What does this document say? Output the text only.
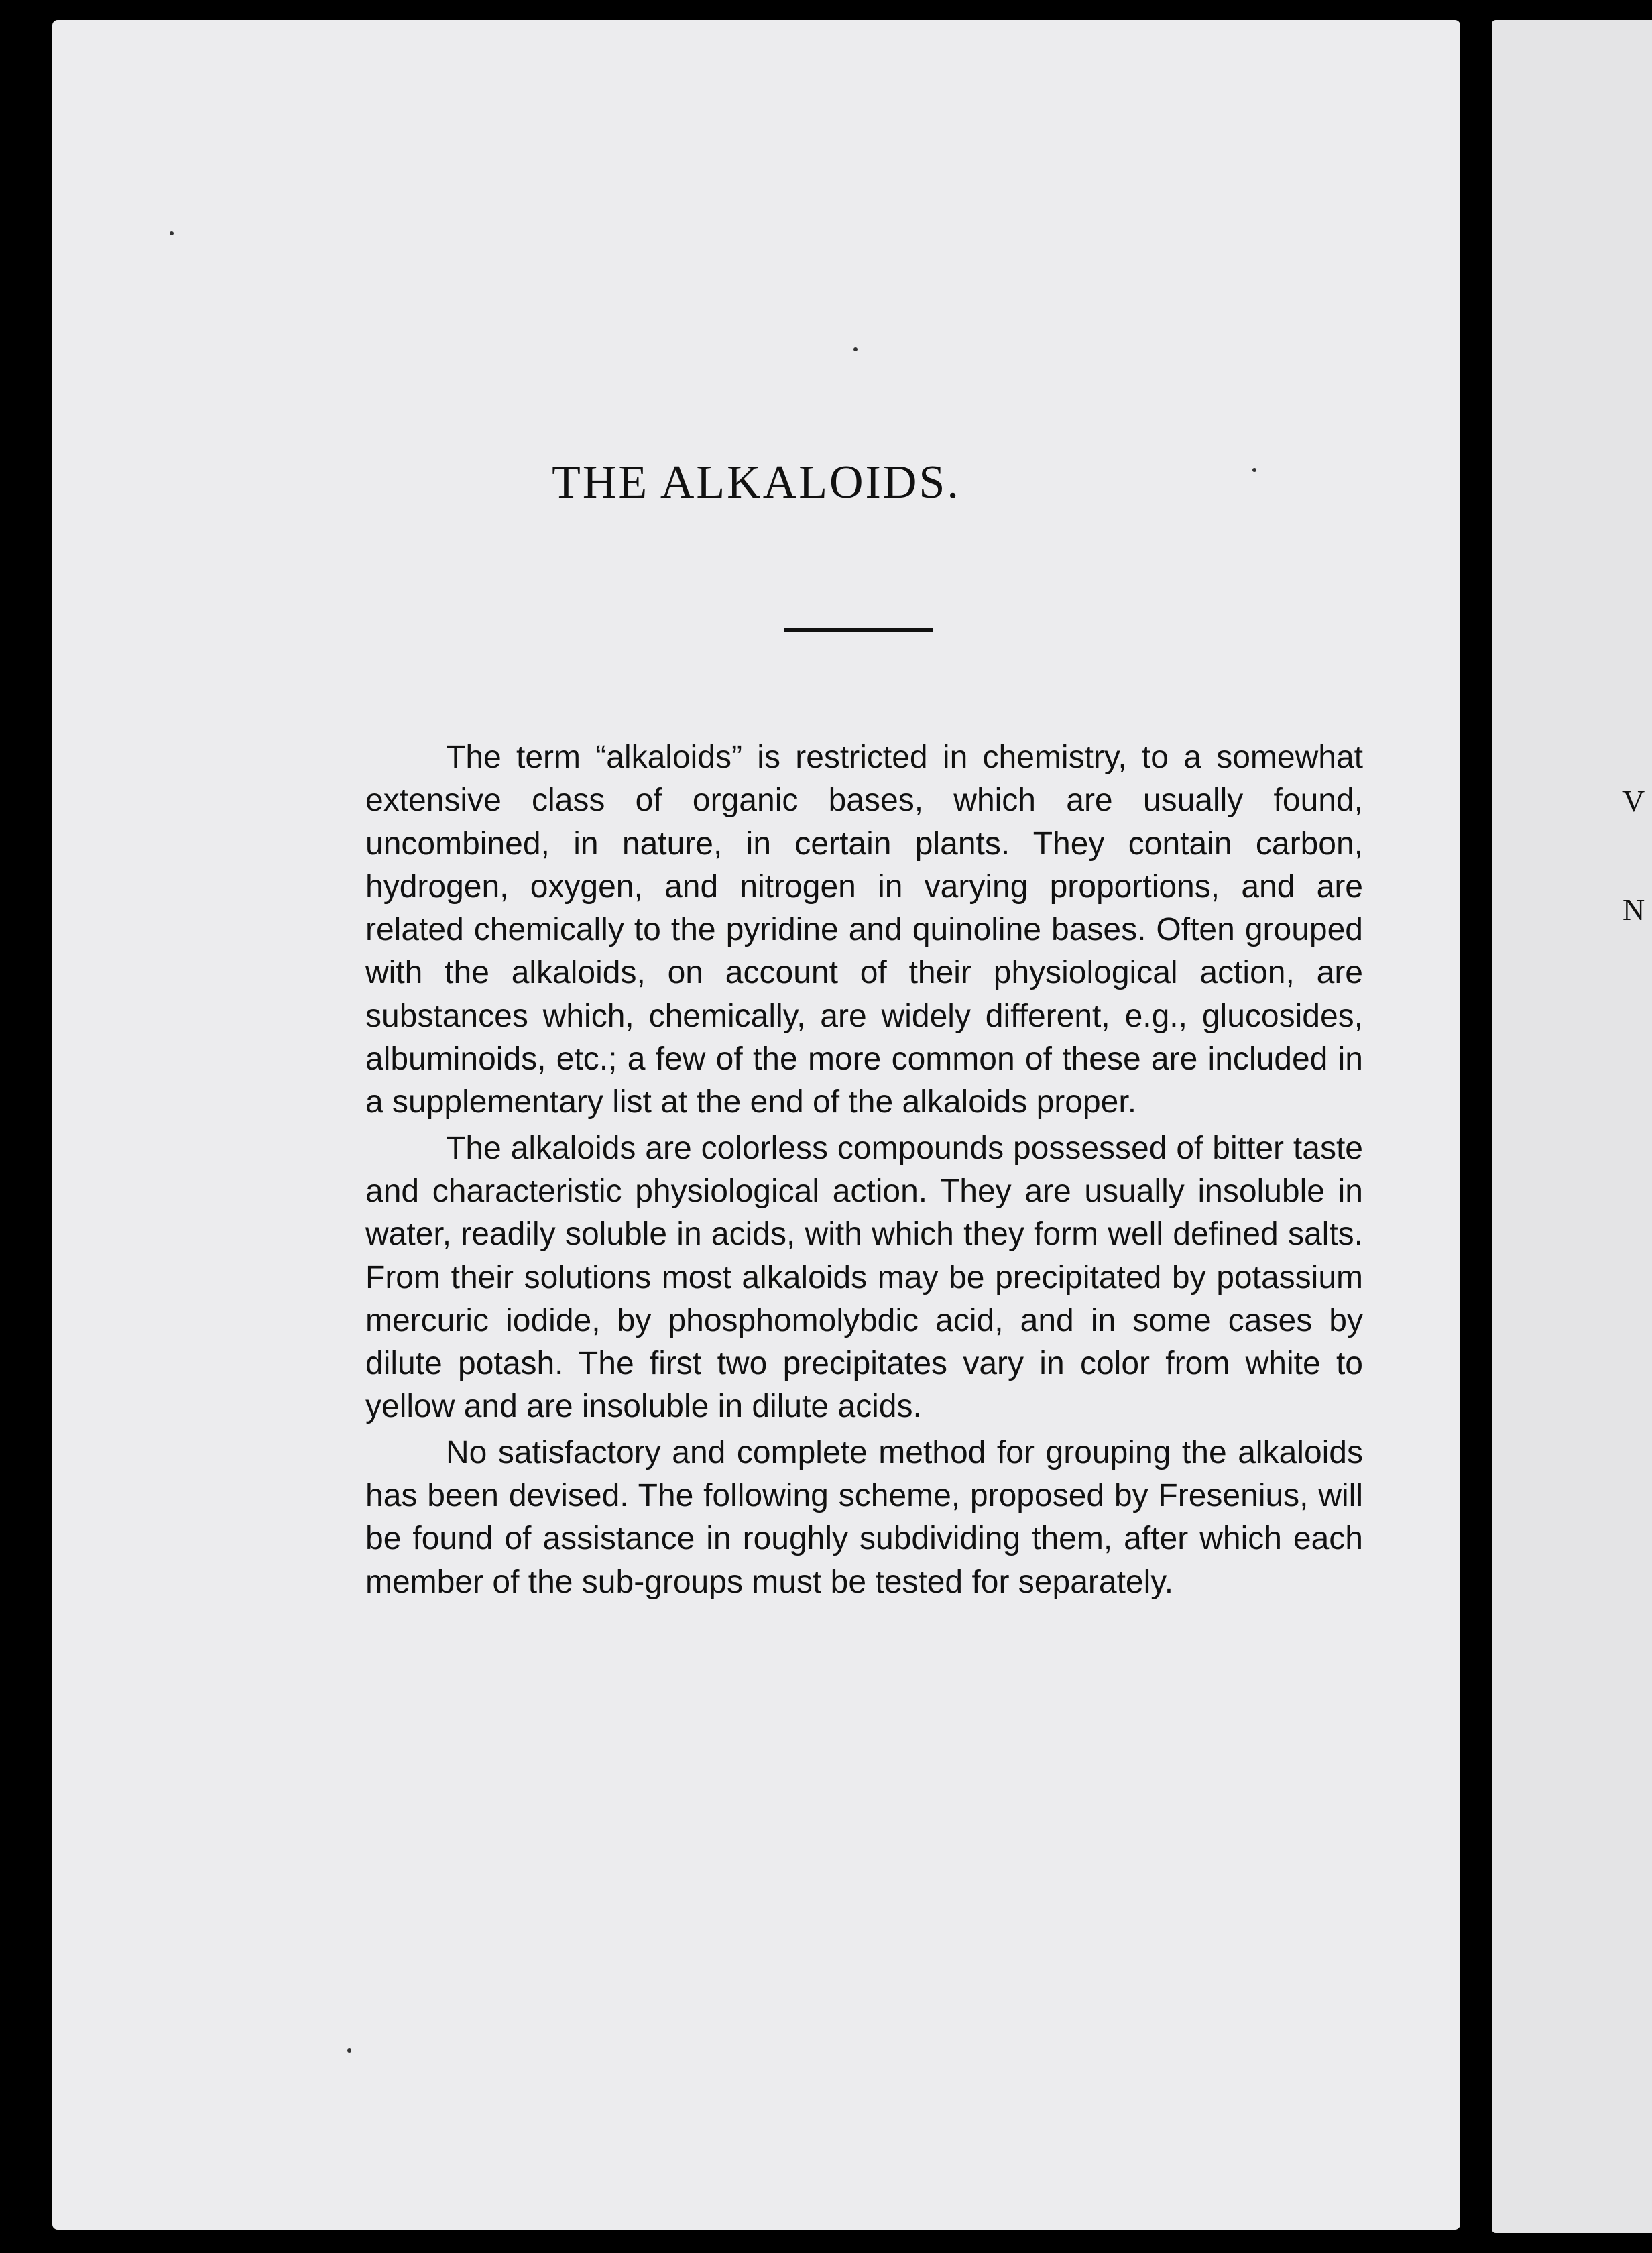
THE ALKALOIDS.

The term “alkaloids” is restricted in chemistry, to a somewhat extensive class of organic bases, which are usually found, uncombined, in nature, in certain plants. They contain carbon, hydrogen, oxygen, and nitrogen in varying proportions, and are related chemically to the pyridine and quinoline bases. Often grouped with the alkaloids, on account of their physiological action, are substances which, chemically, are widely different, e.g., glucosides, albuminoids, etc.; a few of the more common of these are included in a supplementary list at the end of the alkaloids proper.

The alkaloids are colorless compounds possessed of bitter taste and characteristic physiological action. They are usually insoluble in water, readily soluble in acids, with which they form well defined salts. From their solutions most alkaloids may be precipitated by potassium mercuric iodide, by phosphomolybdic acid, and in some cases by dilute potash. The first two precipitates vary in color from white to yellow and are insoluble in dilute acids.

No satisfactory and complete method for grouping the alkaloids has been devised. The following scheme, proposed by Fresenius, will be found of assistance in roughly subdividing them, after which each member of the sub-groups must be tested for separately.

V
N
